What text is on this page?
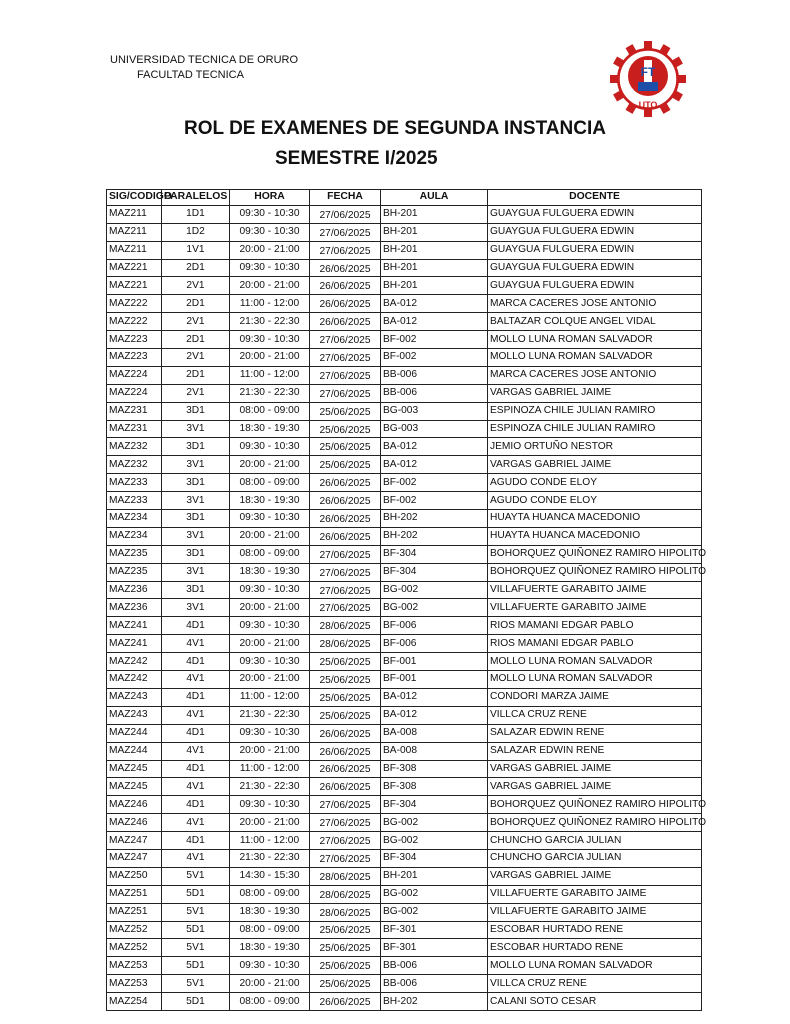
UNIVERSIDAD TECNICA DE ORURO
FACULTAD TECNICA	FT
UTO
ROL DE EXAMENES DE SEGUNDA INSTANCIA
SEMESTRE I/2025
SIG/CODIGO	PARALELOS	HORA	FECHA	AULA	DOCENTE
MAZ211	1D1	09:30 - 10:30	27/06/2025	BH-201	GUAYGUA FULGUERA EDWIN
MAZ211	1D2	09:30 - 10:30	27/06/2025	BH-201	GUAYGUA FULGUERA EDWIN
MAZ211	1V1	20:00 - 21:00	27/06/2025	BH-201	GUAYGUA FULGUERA EDWIN
MAZ221	2D1	09:30 - 10:30	26/06/2025	BH-201	GUAYGUA FULGUERA EDWIN
MAZ221	2V1	20:00 - 21:00	26/06/2025	BH-201	GUAYGUA FULGUERA EDWIN
MAZ222	2D1	11:00 - 12:00	26/06/2025	BA-012	MARCA CACERES JOSE ANTONIO
MAZ222	2V1	21:30 - 22:30	26/06/2025	BA-012	BALTAZAR COLQUE ANGEL VIDAL
MAZ223	2D1	09:30 - 10:30	27/06/2025	BF-002	MOLLO LUNA ROMAN SALVADOR
MAZ223	2V1	20:00 - 21:00	27/06/2025	BF-002	MOLLO LUNA ROMAN SALVADOR
MAZ224	2D1	11:00 - 12:00	27/06/2025	BB-006	MARCA CACERES JOSE ANTONIO
MAZ224	2V1	21:30 - 22:30	27/06/2025	BB-006	VARGAS GABRIEL JAIME
MAZ231	3D1	08:00 - 09:00	25/06/2025	BG-003	ESPINOZA CHILE JULIAN RAMIRO
MAZ231	3V1	18:30 - 19:30	25/06/2025	BG-003	ESPINOZA CHILE JULIAN RAMIRO
MAZ232	3D1	09:30 - 10:30	25/06/2025	BA-012	JEMIO ORTUÑO NESTOR
MAZ232	3V1	20:00 - 21:00	25/06/2025	BA-012	VARGAS GABRIEL JAIME
MAZ233	3D1	08:00 - 09:00	26/06/2025	BF-002	AGUDO CONDE ELOY
MAZ233	3V1	18:30 - 19:30	26/06/2025	BF-002	AGUDO CONDE ELOY
MAZ234	3D1	09:30 - 10:30	26/06/2025	BH-202	HUAYTA HUANCA MACEDONIO
MAZ234	3V1	20:00 - 21:00	26/06/2025	BH-202	HUAYTA HUANCA MACEDONIO
MAZ235	3D1	08:00 - 09:00	27/06/2025	BF-304	BOHORQUEZ QUIÑONEZ RAMIRO HIPOLITO
MAZ235	3V1	18:30 - 19:30	27/06/2025	BF-304	BOHORQUEZ QUIÑONEZ RAMIRO HIPOLITO
MAZ236	3D1	09:30 - 10:30	27/06/2025	BG-002	VILLAFUERTE GARABITO JAIME
MAZ236	3V1	20:00 - 21:00	27/06/2025	BG-002	VILLAFUERTE GARABITO JAIME
MAZ241	4D1	09:30 - 10:30	28/06/2025	BF-006	RIOS MAMANI EDGAR PABLO
MAZ241	4V1	20:00 - 21:00	28/06/2025	BF-006	RIOS MAMANI EDGAR PABLO
MAZ242	4D1	09:30 - 10:30	25/06/2025	BF-001	MOLLO LUNA ROMAN SALVADOR
MAZ242	4V1	20:00 - 21:00	25/06/2025	BF-001	MOLLO LUNA ROMAN SALVADOR
MAZ243	4D1	11:00 - 12:00	25/06/2025	BA-012	CONDORI MARZA JAIME
MAZ243	4V1	21:30 - 22:30	25/06/2025	BA-012	VILLCA CRUZ RENE
MAZ244	4D1	09:30 - 10:30	26/06/2025	BA-008	SALAZAR EDWIN RENE
MAZ244	4V1	20:00 - 21:00	26/06/2025	BA-008	SALAZAR EDWIN RENE
MAZ245	4D1	11:00 - 12:00	26/06/2025	BF-308	VARGAS GABRIEL JAIME
MAZ245	4V1	21:30 - 22:30	26/06/2025	BF-308	VARGAS GABRIEL JAIME
MAZ246	4D1	09:30 - 10:30	27/06/2025	BF-304	BOHORQUEZ QUIÑONEZ RAMIRO HIPOLITO
MAZ246	4V1	20:00 - 21:00	27/06/2025	BG-002	BOHORQUEZ QUIÑONEZ RAMIRO HIPOLITO
MAZ247	4D1	11:00 - 12:00	27/06/2025	BG-002	CHUNCHO GARCIA JULIAN
MAZ247	4V1	21:30 - 22:30	27/06/2025	BF-304	CHUNCHO GARCIA JULIAN
MAZ250	5V1	14:30 - 15:30	28/06/2025	BH-201	VARGAS GABRIEL JAIME
MAZ251	5D1	08:00 - 09:00	28/06/2025	BG-002	VILLAFUERTE GARABITO JAIME
MAZ251	5V1	18:30 - 19:30	28/06/2025	BG-002	VILLAFUERTE GARABITO JAIME
MAZ252	5D1	08:00 - 09:00	25/06/2025	BF-301	ESCOBAR HURTADO RENE
MAZ252	5V1	18:30 - 19:30	25/06/2025	BF-301	ESCOBAR HURTADO RENE
MAZ253	5D1	09:30 - 10:30	25/06/2025	BB-006	MOLLO LUNA ROMAN SALVADOR
MAZ253	5V1	20:00 - 21:00	25/06/2025	BB-006	VILLCA CRUZ RENE
MAZ254	5D1	08:00 - 09:00	26/06/2025	BH-202	CALANI SOTO CESAR
